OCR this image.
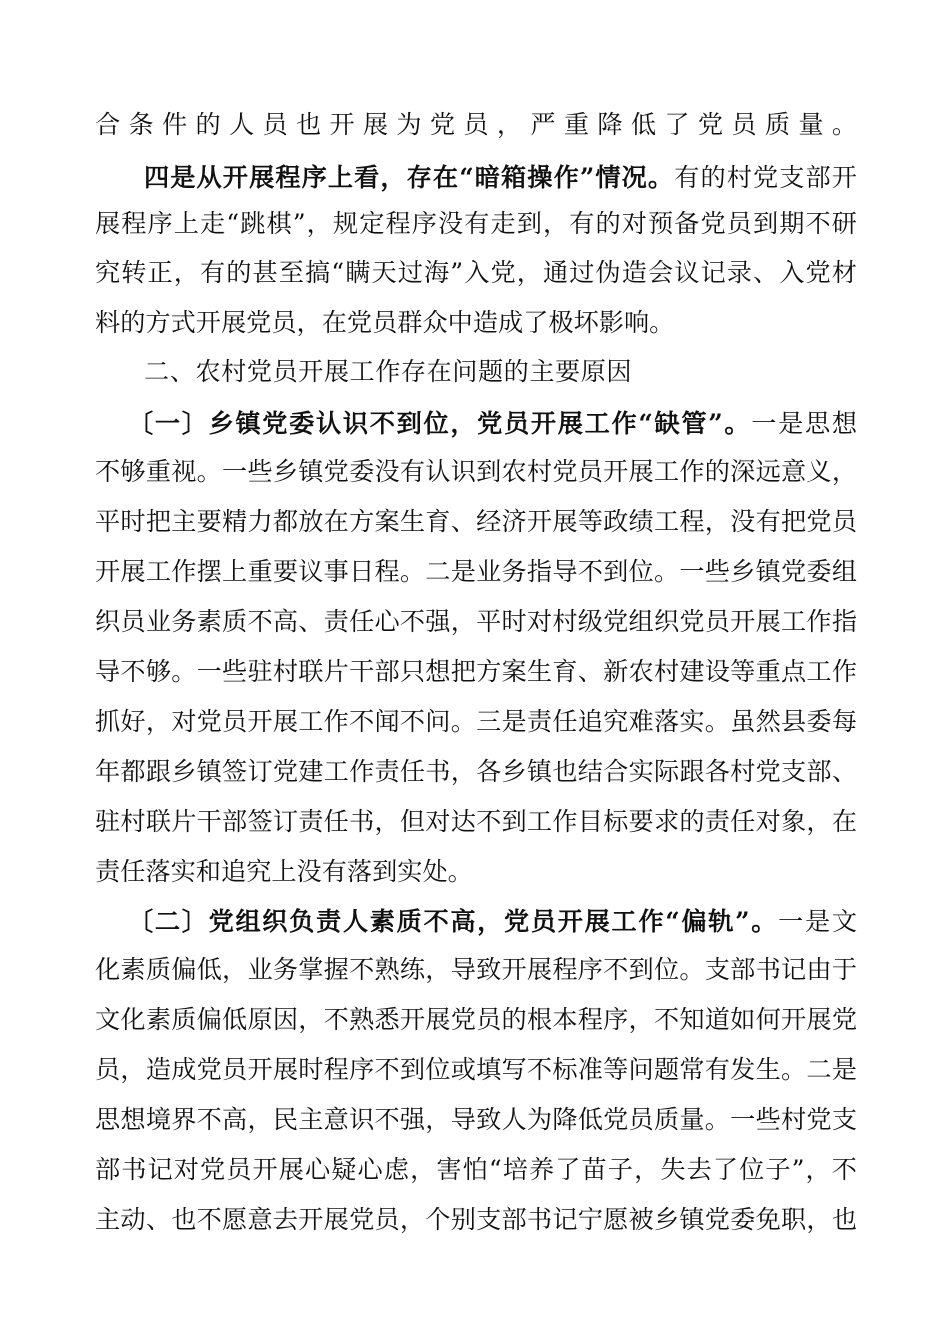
合条件的人员也开展为党员，严重降低了党员质量。
四是从开展程序上看，存在“暗箱操作”情况。有的村党支部开
展程序上走“跳棋”，规定程序没有走到，有的对预备党员到期不研
究转正，有的甚至搞“瞒天过海”入党，通过伪造会议记录、入党材
料的方式开展党员，在党员群众中造成了极坏影响。
二、农村党员开展工作存在问题的主要原因
〔一〕乡镇党委认识不到位，党员开展工作“缺管”。一是思想
不够重视。一些乡镇党委没有认识到农村党员开展工作的深远意义，
平时把主要精力都放在方案生育、经济开展等政绩工程，没有把党员
开展工作摆上重要议事日程。二是业务指导不到位。一些乡镇党委组
织员业务素质不高、责任心不强，平时对村级党组织党员开展工作指
导不够。一些驻村联片干部只想把方案生育、新农村建设等重点工作
抓好，对党员开展工作不闻不问。三是责任追究难落实。虽然县委每
年都跟乡镇签订党建工作责任书，各乡镇也结合实际跟各村党支部、
驻村联片干部签订责任书，但对达不到工作目标要求的责任对象，在
责任落实和追究上没有落到实处。
〔二〕党组织负责人素质不高，党员开展工作“偏轨”。一是文
化素质偏低，业务掌握不熟练，导致开展程序不到位。支部书记由于
文化素质偏低原因，不熟悉开展党员的根本程序，不知道如何开展党
员，造成党员开展时程序不到位或填写不标准等问题常有发生。二是
思想境界不高，民主意识不强，导致人为降低党员质量。一些村党支
部书记对党员开展心疑心虑，害怕“培养了苗子，失去了位子”，不
主动、也不愿意去开展党员，个别支部书记宁愿被乡镇党委免职，也
